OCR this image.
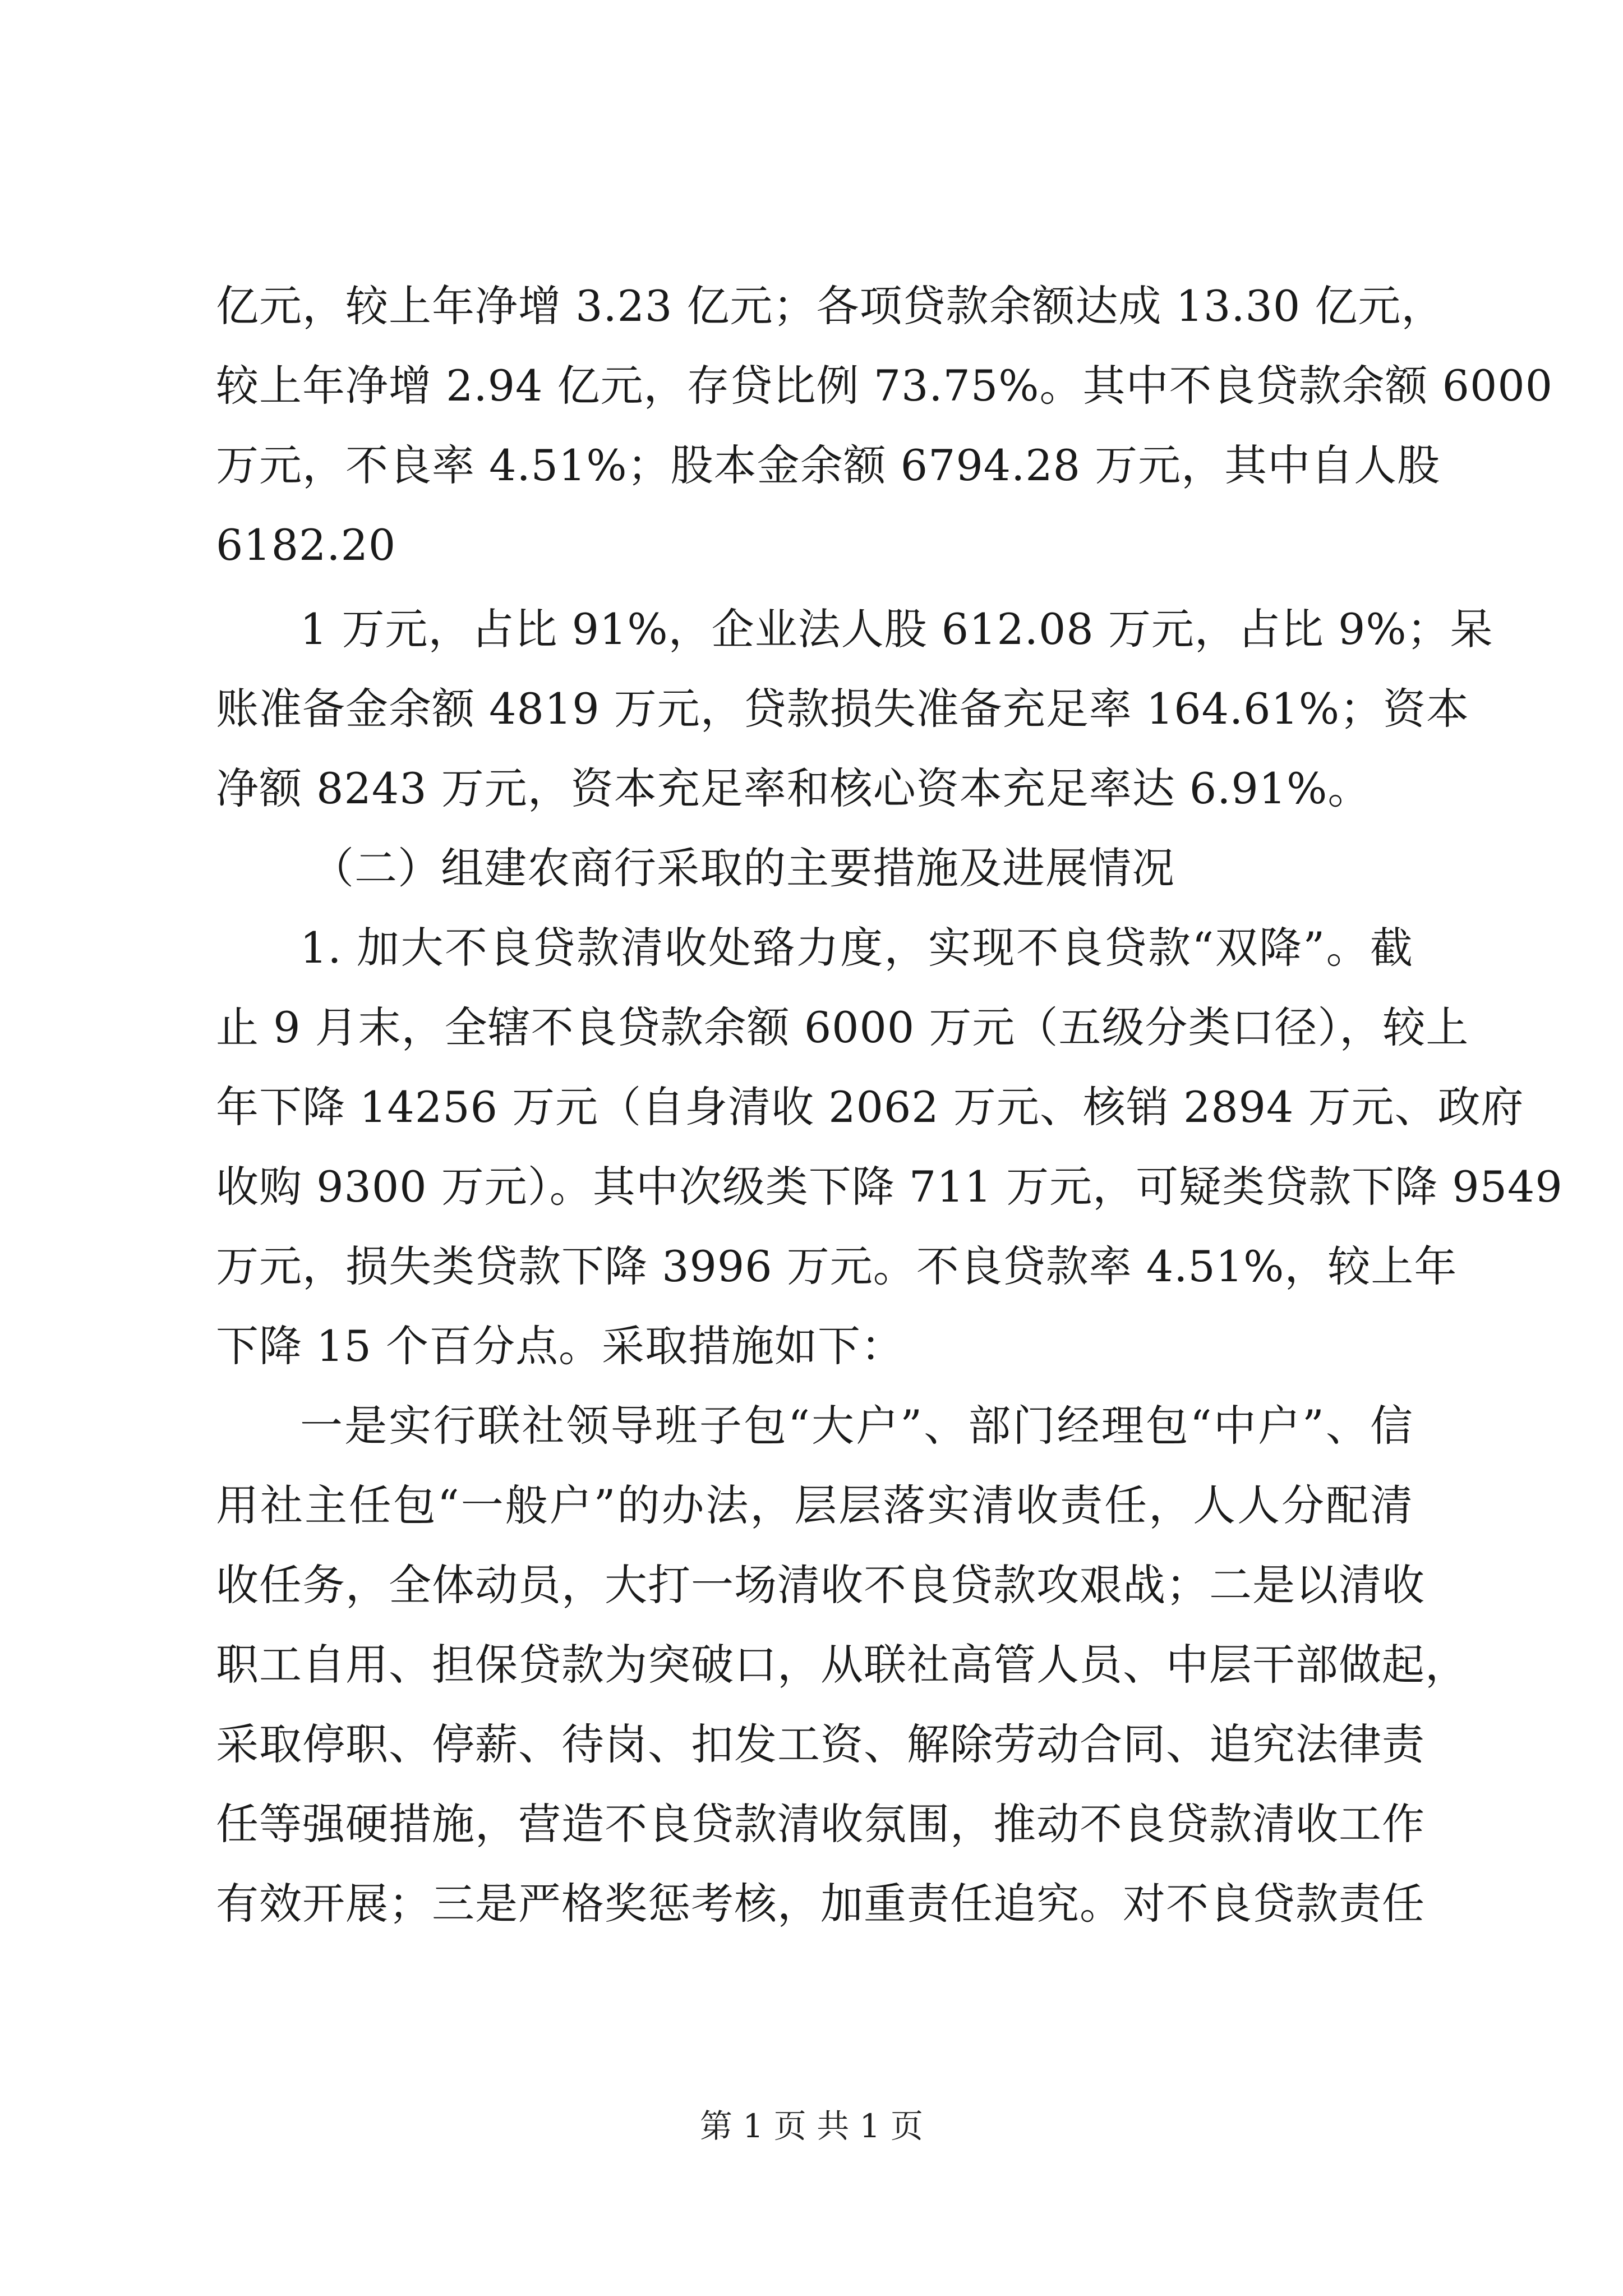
亿元，较上年净增 3.23 亿元；各项贷款余额达成 13.30 亿元，
较上年净增 2.94 亿元，存贷比例 73.75%。其中不良贷款余额 6000
万元，不良率 4.51%；股本金余额 6794.28 万元，其中自人股
6182.20
1 万元，占比 91%，企业法人股 612.08 万元，占比 9%；呆
账准备金余额 4819 万元，贷款损失准备充足率 164.61%；资本
净额 8243 万元，资本充足率和核心资本充足率达 6.91%。
（二）组建农商行采取的主要措施及进展情况
1. 加大不良贷款清收处臵力度，实现不良贷款“双降”。截
止 9 月末，全辖不良贷款余额 6000 万元（五级分类口径），较上
年下降 14256 万元（自身清收 2062 万元、核销 2894 万元、政府
收购 9300 万元）。其中次级类下降 711 万元，可疑类贷款下降 9549
万元，损失类贷款下降 3996 万元。不良贷款率 4.51%，较上年
下降 15 个百分点。采取措施如下：
一是实行联社领导班子包“大户”、部门经理包“中户”、信
用社主任包“一般户”的办法，层层落实清收责任，人人分配清
收任务，全体动员，大打一场清收不良贷款攻艰战；二是以清收
职工自用、担保贷款为突破口，从联社高管人员、中层干部做起，
采取停职、停薪、待岗、扣发工资、解除劳动合同、追究法律责
任等强硬措施，营造不良贷款清收氛围，推动不良贷款清收工作
有效开展；三是严格奖惩考核，加重责任追究。对不良贷款责任
第 1 页 共 1 页
